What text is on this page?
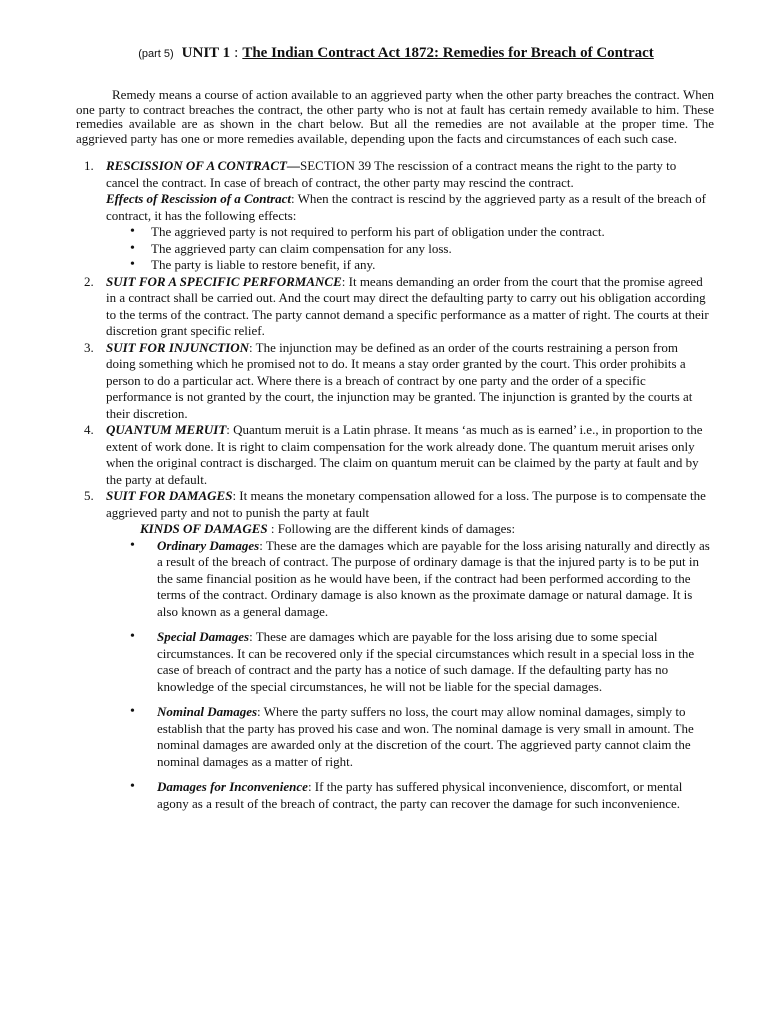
(part 5) UNIT 1 : The Indian Contract Act 1872: Remedies for Breach of Contract

Remedy means a course of action available to an aggrieved party when the other party breaches the contract. When one party to contract breaches the contract, the other party who is not at fault has certain remedy available to him. These remedies available are as shown in the chart below. But all the remedies are not available at the proper time. The aggrieved party has one or more remedies available, depending upon the facts and circumstances of each such case.

1. RESCISSION OF A CONTRACT—SECTION 39 The rescission of a contract means the right to the party to cancel the contract. In case of breach of contract, the other party may rescind the contract.
Effects of Rescission of a Contract: When the contract is rescind by the aggrieved party as a result of the breach of contract, it has the following effects:
• The aggrieved party is not required to perform his part of obligation under the contract.
• The aggrieved party can claim compensation for any loss.
• The party is liable to restore benefit, if any.
2. SUIT FOR A SPECIFIC PERFORMANCE: It means demanding an order from the court that the promise agreed in a contract shall be carried out. And the court may direct the defaulting party to carry out his obligation according to the terms of the contract. The party cannot demand a specific performance as a matter of right. The courts at their discretion grant specific relief.
3. SUIT FOR INJUNCTION: The injunction may be defined as an order of the courts restraining a person from doing something which he promised not to do. It means a stay order granted by the court. This order prohibits a person to do a particular act. Where there is a breach of contract by one party and the order of a specific performance is not granted by the court, the injunction may be granted. The injunction is granted by the courts at their discretion.
4. QUANTUM MERUIT: Quantum meruit is a Latin phrase. It means ‘as much as is earned’ i.e., in proportion to the extent of work done. It is right to claim compensation for the work already done. The quantum meruit arises only when the original contract is discharged. The claim on quantum meruit can be claimed by the party at fault and by the party at default.
5. SUIT FOR DAMAGES: It means the monetary compensation allowed for a loss. The purpose is to compensate the aggrieved party and not to punish the party at fault
KINDS OF DAMAGES : Following are the different kinds of damages:
• Ordinary Damages: These are the damages which are payable for the loss arising naturally and directly as a result of the breach of contract. The purpose of ordinary damage is that the injured party is to be put in the same financial position as he would have been, if the contract had been performed according to the terms of the contract. Ordinary damage is also known as the proximate damage or natural damage. It is also known as a general damage.
• Special Damages: These are damages which are payable for the loss arising due to some special circumstances. It can be recovered only if the special circumstances which result in a special loss in the case of breach of contract and the party has a notice of such damage. If the defaulting party has no knowledge of the special circumstances, he will not be liable for the special damages.
• Nominal Damages: Where the party suffers no loss, the court may allow nominal damages, simply to establish that the party has proved his case and won. The nominal damage is very small in amount. The nominal damages are awarded only at the discretion of the court. The aggrieved party cannot claim the nominal damages as a matter of right.
• Damages for Inconvenience: If the party has suffered physical inconvenience, discomfort, or mental agony as a result of the breach of contract, the party can recover the damage for such inconvenience.
